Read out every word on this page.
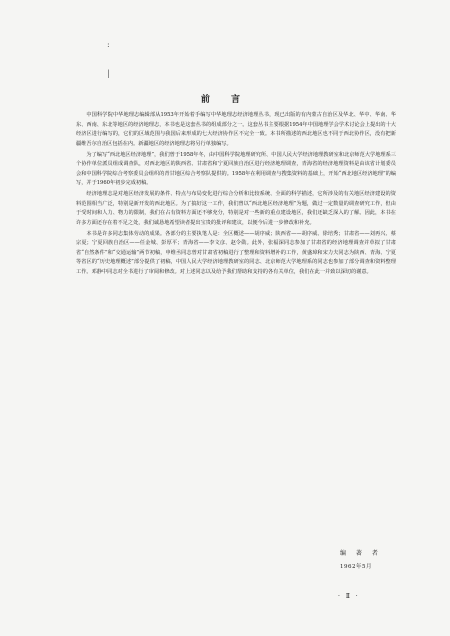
:
|
前 言

中国科学院中华地理志编辑部从1953年开始着手编写中华地理志经济地理丛书，现已出版的有内蒙古自治区及华北、华中、华南、华东、西南、东北等地区的经济地理志，本书也是这套丛书的组成部分之一。这套丛书主要根据1954年中国地理学会学术讨论会上提出的十大经济区进行编写的，它们的区域范围与我国后来形成的七大经济协作区不完全一致。本书所描述的西北地区也不同于西北协作区，没有把新疆维吾尔自治区包括在内。新疆地区的经济地理志将另行单独编写。

为了编写“西北地区经济地理”，我们曾于1958年冬，由中国科学院地理研究所、中国人民大学经济地理教研室和北京师范大学地理系三个协作单位派员组成调查队，对西北地区的陕西省、甘肃省和宁夏回族自治区进行经济地理调查，青海省的经济地理资料是由该省计划委员会和中国科学院综合考察委员会组织的青甘地区综合考察队提供的。1958年在利用调查与搜集资料的基础上，开始“西北地区经济地理”的编写，并于1960年初步完成初稿。

经济地理志是对地区经济发展的条件、特点与布局变化进行综合分析和比较系统、全面的科学描述，它所涉及的有关地区经济建设的资料范围相当广泛，特别是新开发的西北地区。为了搞好这一工作，我们曾以“西北地区经济地理”为题，做过一定数量的调查研究工作，但由于受时间和人力、物力的限制，我们在占有资料方面还不够充分，特别是对一些新的重点建设地区，我们还缺乏深入的了解。因此，本书在许多方面还存在着不足之处，我们诚恳地希望读者提出宝贵的批评和建议，以便今后进一步修改和补充。

本书是许多同志集体劳动的成果。各部分的主要执笔人是：全区概述——胡序威；陕西省——胡序威、徐培秀；甘肃省——刘再兴、蔡宗夏；宁夏回族自治区——任金城、彭厚平；青海省——李文彦、赵令勋。此外，张福深同志参加了甘肃省的经济地理调查并草拟了甘肃省“自然条件”和“交通运输”两节初稿，申维丞同志曾对甘肃省初稿进行了整理和资料增补的工作，黄盛璋和宋力夫同志为陕西、青海、宁夏等省区的“历史地理概述”部分提供了初稿，中国人民大学经济地理教研室的同志、北京师范大学地理系的同志也参加了部分调查和资料整理工作。邓静中同志对全书进行了审阅和修改。对上述同志以及给予我们帮助和支持的各有关单位，我们在此一并致以深切的谢意。

编 著 者
1962年5月
· Ⅱ ·
